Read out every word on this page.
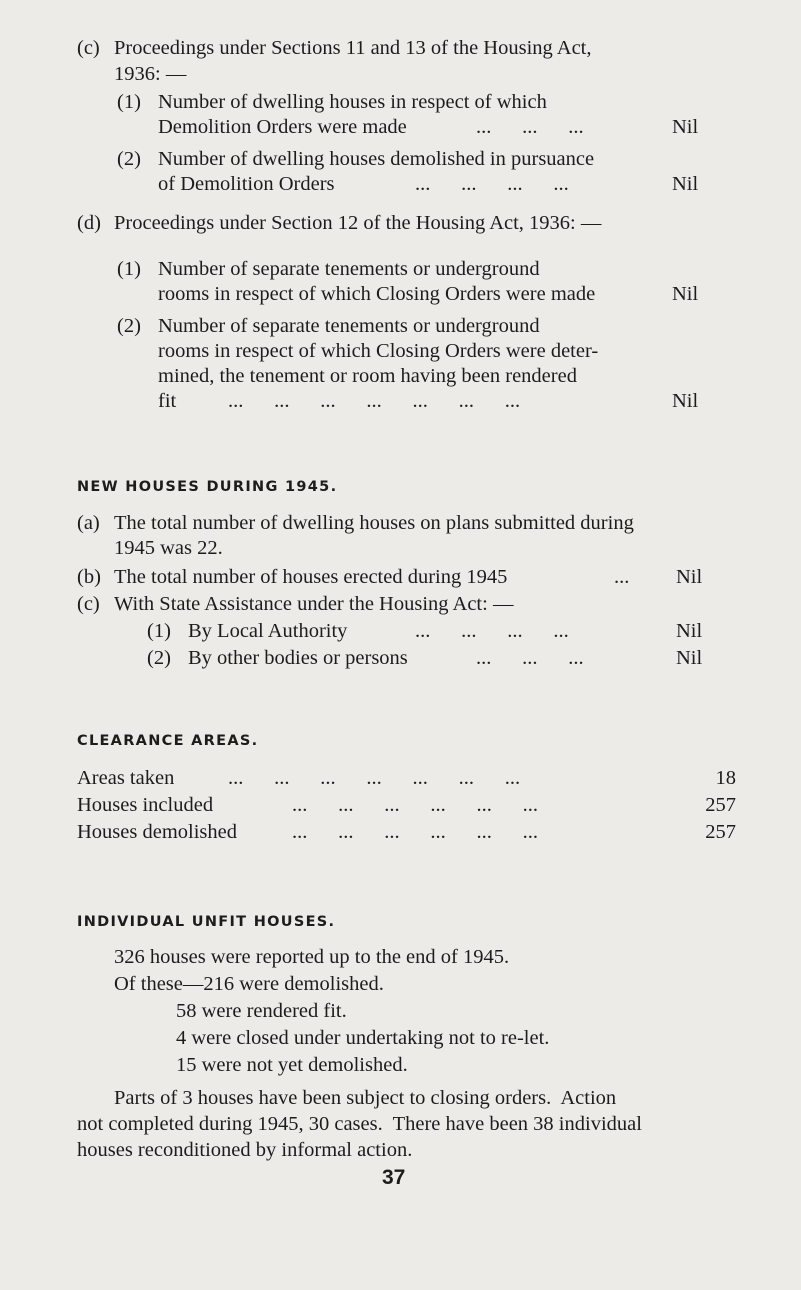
(c) Proceedings under Sections 11 and 13 of the Housing Act,
1936: —
(1) Number of dwelling houses in respect of which
Demolition Orders were made	...      ...      ...	Nil
(2) Number of dwelling houses demolished in pursuance
of Demolition Orders	...      ...      ...      ...	Nil
(d) Proceedings under Section 12 of the Housing Act, 1936: —
(1) Number of separate tenements or underground
rooms in respect of which Closing Orders were made	Nil
(2) Number of separate tenements or underground
rooms in respect of which Closing Orders were deter-
mined, the tenement or room having been rendered
fit	...      ...      ...      ...      ...      ...      ...	Nil
NEW HOUSES DURING 1945.
(a) The total number of dwelling houses on plans submitted during
1945 was 22.
(b) The total number of houses erected during 1945	... Nil
(c) With State Assistance under the Housing Act: —
(1) By Local Authority	...      ...      ...      ...	Nil
(2) By other bodies or persons	...      ...      ...	Nil
CLEARANCE AREAS.
Areas taken	...      ...      ...      ...      ...      ...      ...	18
Houses included	...      ...      ...      ...      ...      ...	257
Houses demolished	...      ...      ...      ...      ...      ...	257
INDIVIDUAL UNFIT HOUSES.
326 houses were reported up to the end of 1945.
Of these—216 were demolished.
58 were rendered fit.
4 were closed under undertaking not to re-let.
15 were not yet demolished.
Parts of 3 houses have been subject to closing orders.  Action
not completed during 1945, 30 cases.  There have been 38 individual
houses reconditioned by informal action.
37
